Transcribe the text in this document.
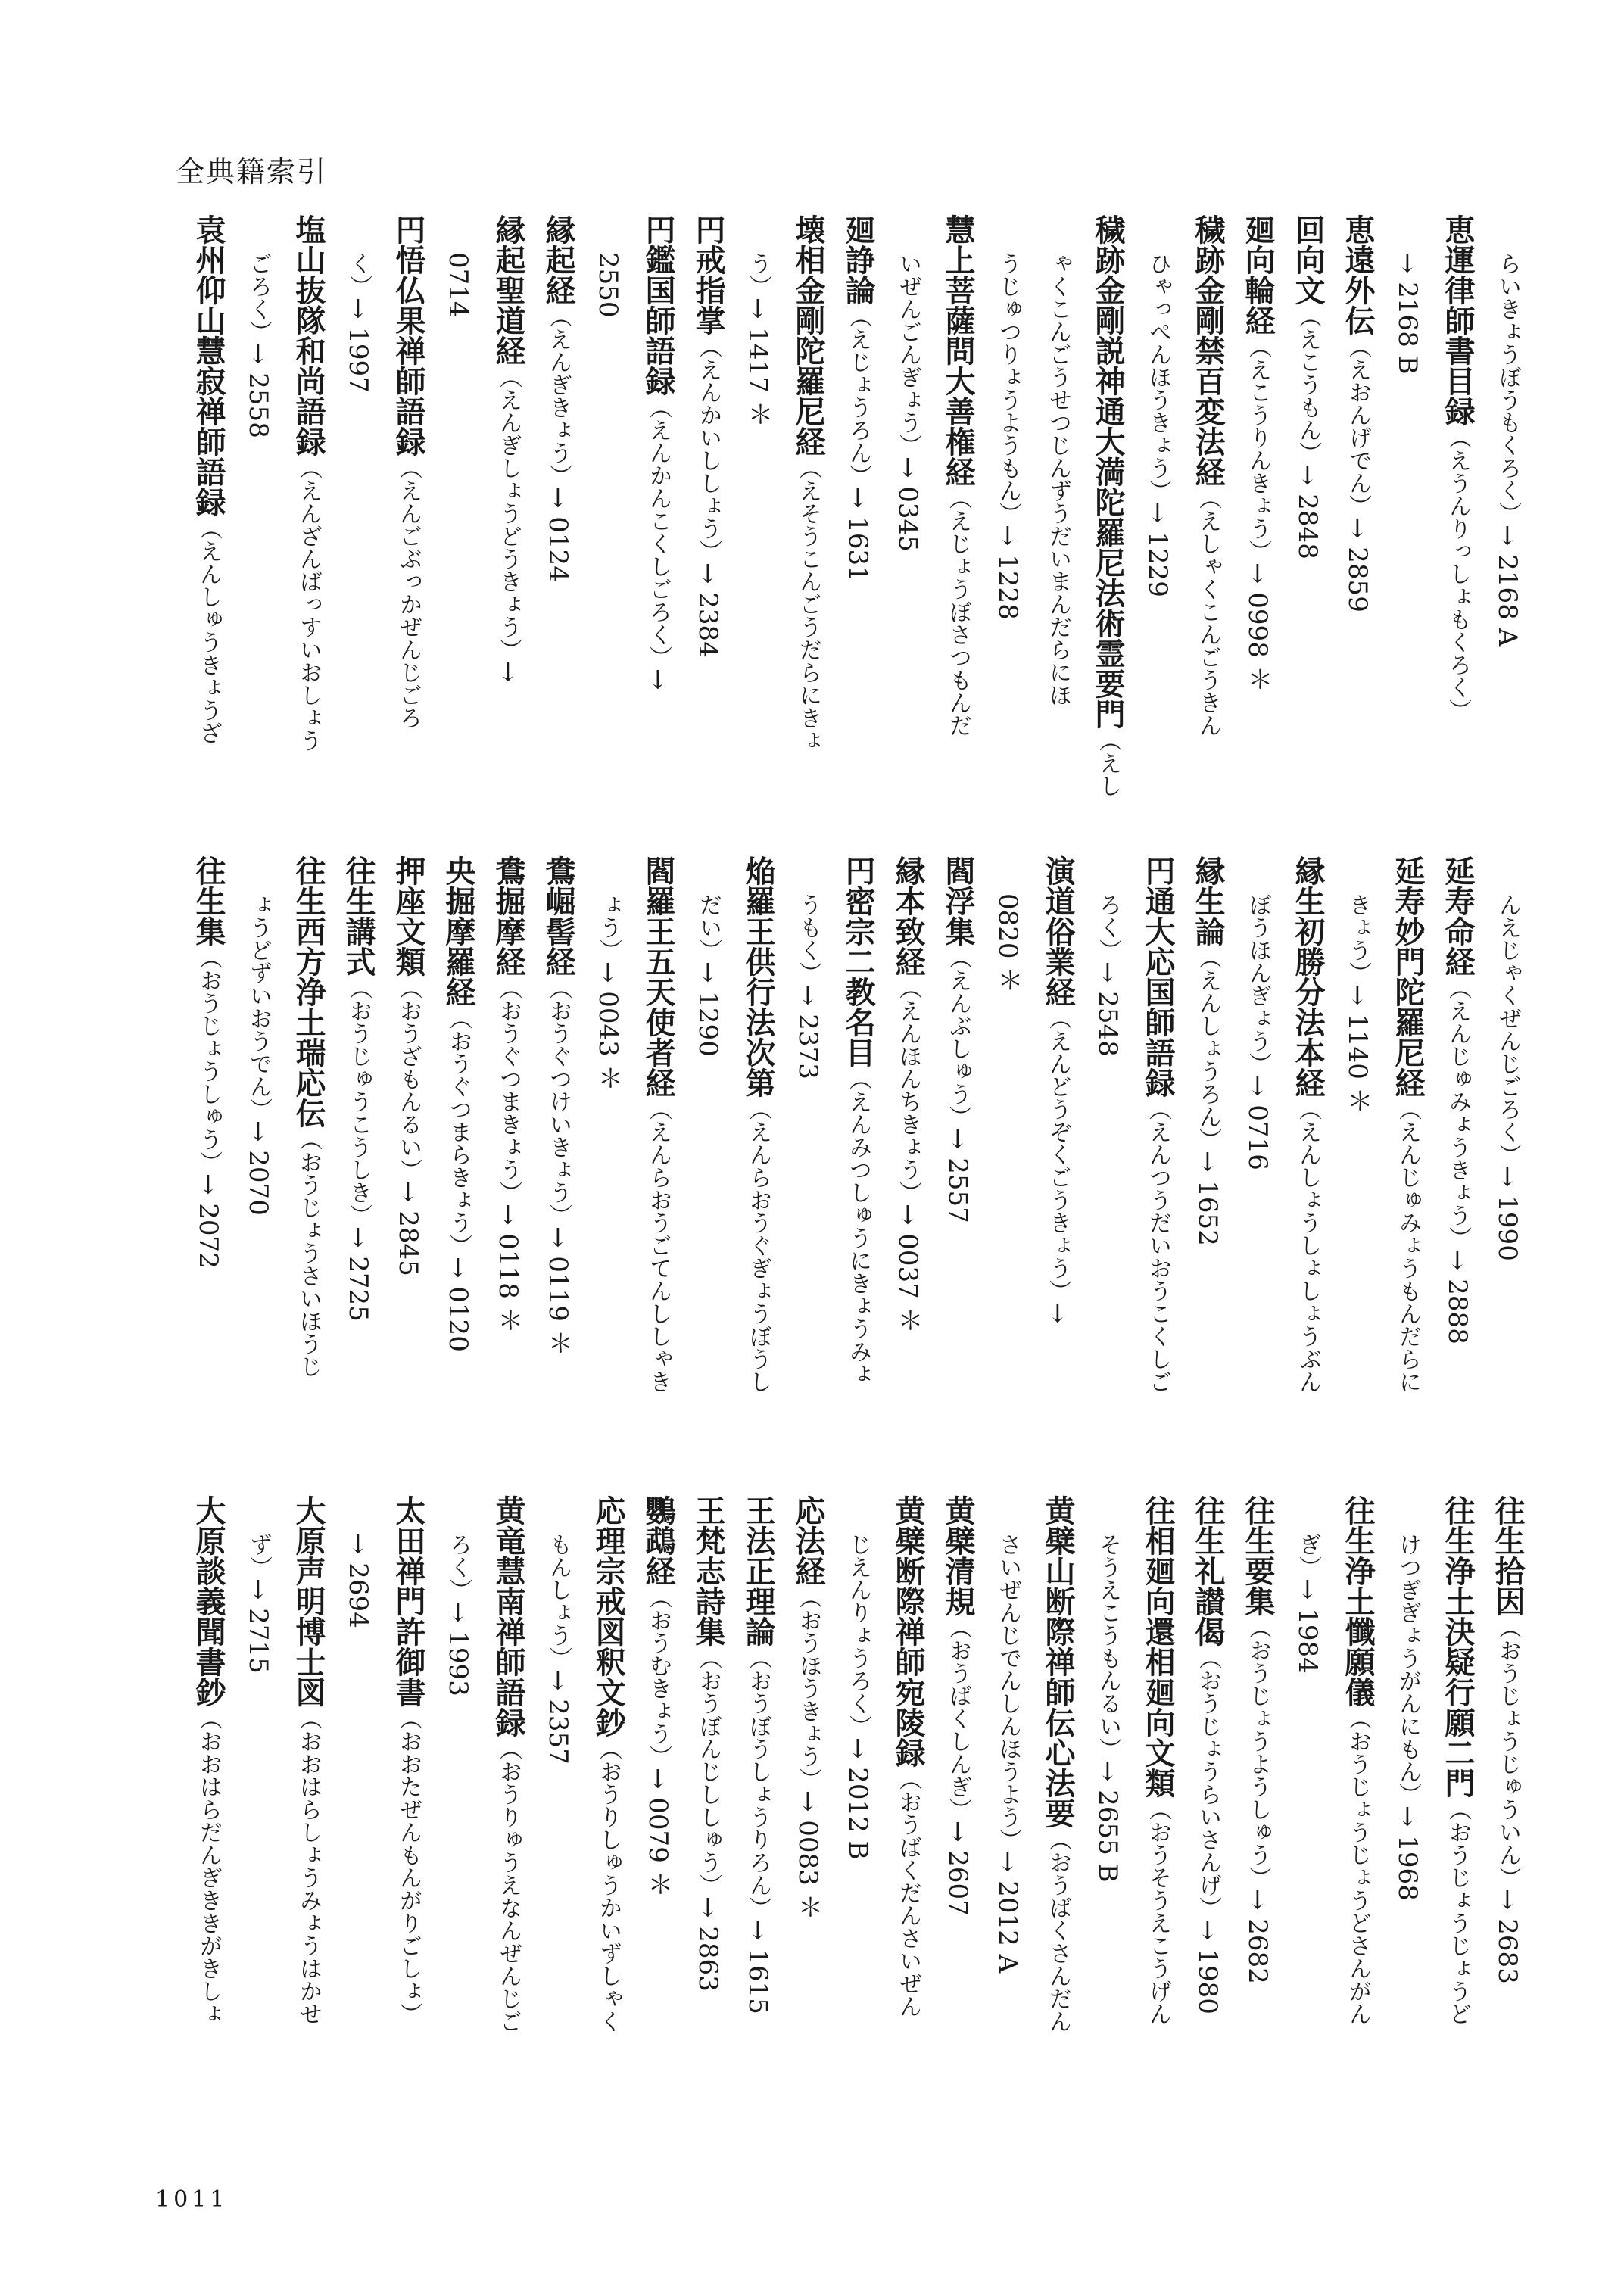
全典籍索引
らいきょうぼうもくろく）→ 2168 A
恵運律師書目録（えうんりっしょもくろく）
→ 2168 B
恵遠外伝（えおんげでん）→ 2859
回向文（えこうもん）→ 2848
廻向輪経（えこうりんきょう）→ 0998 ＊
穢跡金剛禁百変法経（えしゃくこんごうきん
ひゃっぺんほうきょう）→ 1229
穢跡金剛説神通大満陀羅尼法術霊要門（えし
ゃくこんごうせつじんずうだいまんだらにほ
うじゅつりょうようもん）→ 1228
慧上菩薩問大善権経（えじょうぼさつもんだ
いぜんごんぎょう）→ 0345
廻諍論（えじょうろん）→ 1631
壊相金剛陀羅尼経（えそうこんごうだらにきょ
う）→ 1417 ＊
円戒指掌（えんかいししょう）→ 2384
円鑑国師語録（えんかんこくしごろく）→
2550
縁起経（えんぎきょう）→ 0124
縁起聖道経（えんぎしょうどうきょう）→
0714
円悟仏果禅師語録（えんごぶっかぜんじごろ
く）→ 1997
塩山抜隊和尚語録（えんざんばっすいおしょう
ごろく）→ 2558
袁州仰山慧寂禅師語録（えんしゅうきょうざ
んえじゃくぜんじごろく）→ 1990
延寿命経（えんじゅみょうきょう）→ 2888
延寿妙門陀羅尼経（えんじゅみょうもんだらに
きょう）→ 1140 ＊
縁生初勝分法本経（えんしょうしょしょうぶん
ぼうほんぎょう）→ 0716
縁生論（えんしょうろん）→ 1652
円通大応国師語録（えんつうだいおうこくしご
ろく）→ 2548
演道俗業経（えんどうぞくごうきょう）→
0820 ＊
閻浮集（えんぶしゅう）→ 2557
縁本致経（えんほんちきょう）→ 0037 ＊
円密宗二教名目（えんみつしゅうにきょうみょ
うもく）→ 2373
焔羅王供行法次第（えんらおうぐぎょうぼうし
だい）→ 1290
閻羅王五天使者経（えんらおうごてんししゃき
ょう）→ 0043 ＊
鴦崛髻経（おうぐつけいきょう）→ 0119 ＊
鴦掘摩経（おうぐつまきょう）→ 0118 ＊
央掘摩羅経（おうぐつまらきょう）→ 0120
押座文類（おうざもんるい）→ 2845
往生講式（おうじゅうこうしき）→ 2725
往生西方浄土瑞応伝（おうじょうさいほうじ
ょうどずいおうでん）→ 2070
往生集（おうじょうしゅう）→ 2072
往生拾因（おうじょうじゅういん）→ 2683
往生浄土決疑行願二門（おうじょうじょうど
けつぎぎょうがんにもん）→ 1968
往生浄土懺願儀（おうじょうじょうどさんがん
ぎ）→ 1984
往生要集（おうじょうようしゅう）→ 2682
往生礼讃偈（おうじょうらいさんげ）→ 1980
往相廻向還相廻向文類（おうそうえこうげん
そうえこうもんるい）→ 2655 B
黄檗山断際禅師伝心法要（おうばくさんだん
さいぜんじでんしんほうよう）→ 2012 A
黄檗清規（おうばくしんぎ）→ 2607
黄檗断際禅師宛陵録（おうばくだんさいぜん
じえんりょうろく）→ 2012 B
応法経（おうほうきょう）→ 0083 ＊
王法正理論（おうぼうしょうりろん）→ 1615
王梵志詩集（おうぼんじししゅう）→ 2863
鸚鵡経（おうむきょう）→ 0079 ＊
応理宗戒図釈文鈔（おうりしゅうかいずしゃく
もんしょう）→ 2357
黄竜慧南禅師語録（おうりゅうえなんぜんじご
ろく）→ 1993
太田禅門許御書（おおたぜんもんがりごしょ）
→ 2694
大原声明博士図（おおはらしょうみょうはかせ
ず）→ 2715
大原談義聞書鈔（おおはらだんぎききがきしょ
1011
